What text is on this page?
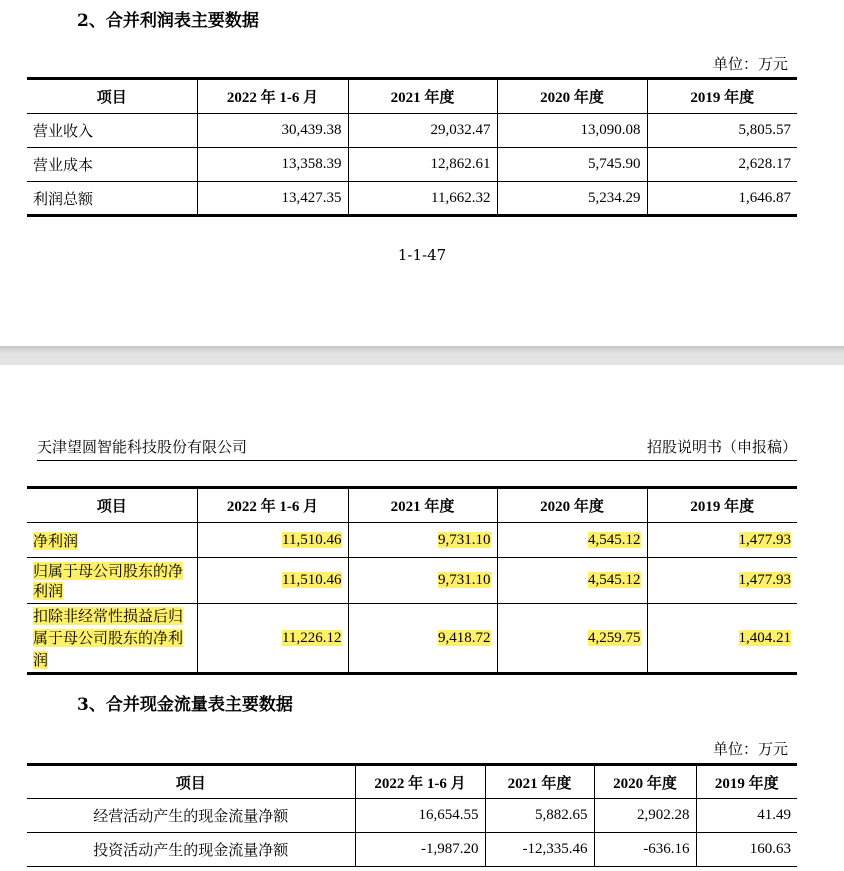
2、合并利润表主要数据
单位：万元
项目	2022 年 1-6 月	2021 年度	2020 年度	2019 年度
营业收入	30,439.38	29,032.47	13,090.08	5,805.57
营业成本	13,358.39	12,862.61	5,745.90	2,628.17
利润总额	13,427.35	11,662.32	5,234.29	1,646.87
1-1-47
天津望圆智能科技股份有限公司	招股说明书（申报稿）
项目	2022 年 1-6 月	2021 年度	2020 年度	2019 年度
净利润	11,510.46	9,731.10	4,545.12	1,477.93
归属于母公司股东的净利润	11,510.46	9,731.10	4,545.12	1,477.93
扣除非经常性损益后归属于母公司股东的净利润	11,226.12	9,418.72	4,259.75	1,404.21
3、合并现金流量表主要数据
单位：万元
项目	2022 年 1-6 月	2021 年度	2020 年度	2019 年度
经营活动产生的现金流量净额	16,654.55	5,882.65	2,902.28	41.49
投资活动产生的现金流量净额	-1,987.20	-12,335.46	-636.16	160.63
